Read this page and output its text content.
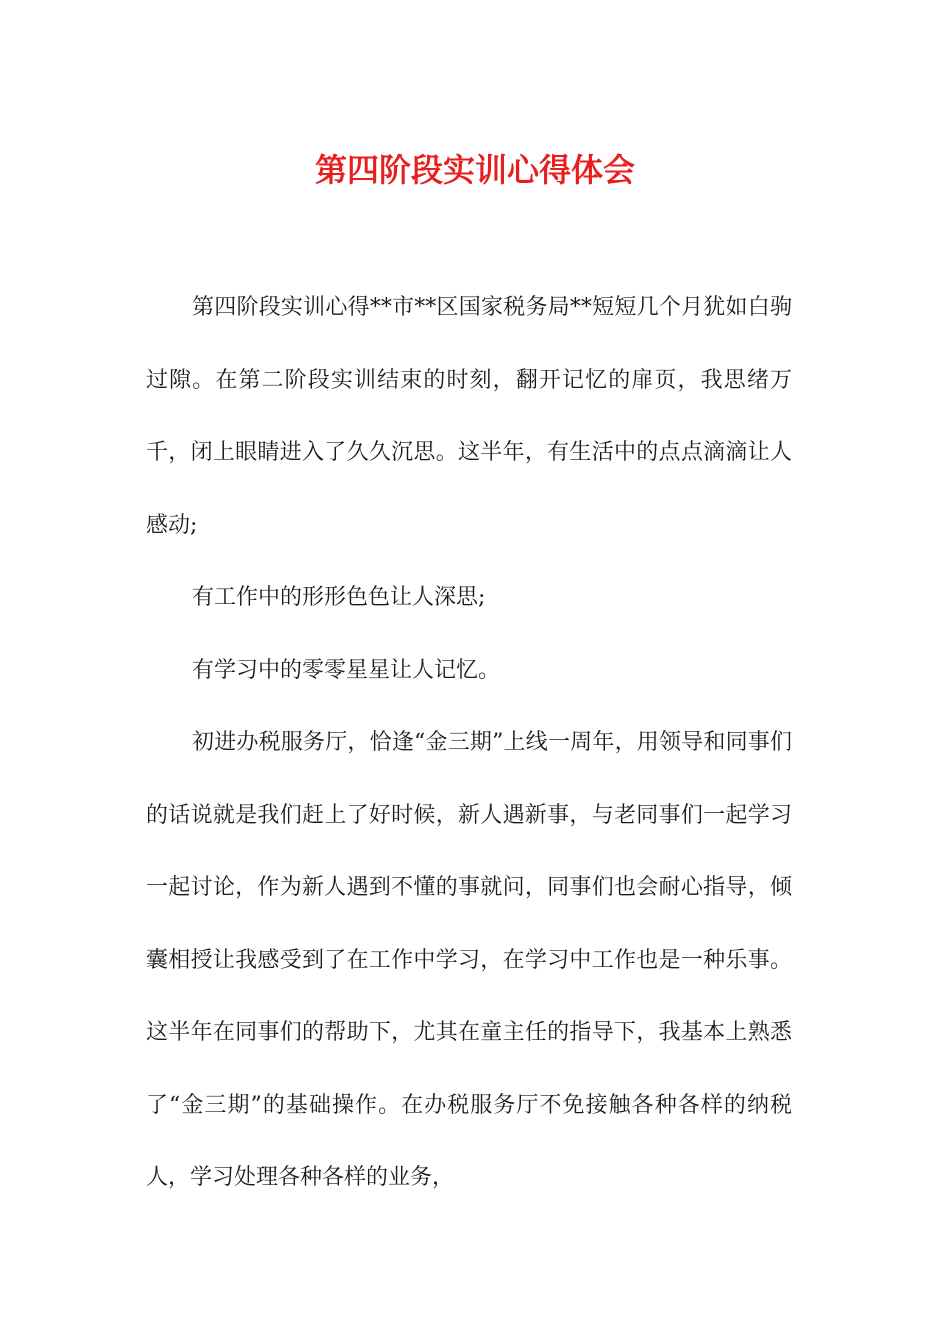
第四阶段实训心得体会

第四阶段实训心得**市**区国家税务局**短短几个月犹如白驹过隙。在第二阶段实训结束的时刻，翻开记忆的扉页，我思绪万千，闭上眼睛进入了久久沉思。这半年，有生活中的点点滴滴让人感动;

有工作中的形形色色让人深思;

有学习中的零零星星让人记忆。

初进办税服务厅，恰逢“金三期”上线一周年，用领导和同事们的话说就是我们赶上了好时候，新人遇新事，与老同事们一起学习一起讨论，作为新人遇到不懂的事就问，同事们也会耐心指导，倾囊相授让我感受到了在工作中学习，在学习中工作也是一种乐事。这半年在同事们的帮助下，尤其在童主任的指导下，我基本上熟悉了“金三期”的基础操作。在办税服务厅不免接触各种各样的纳税人，学习处理各种各样的业务，
